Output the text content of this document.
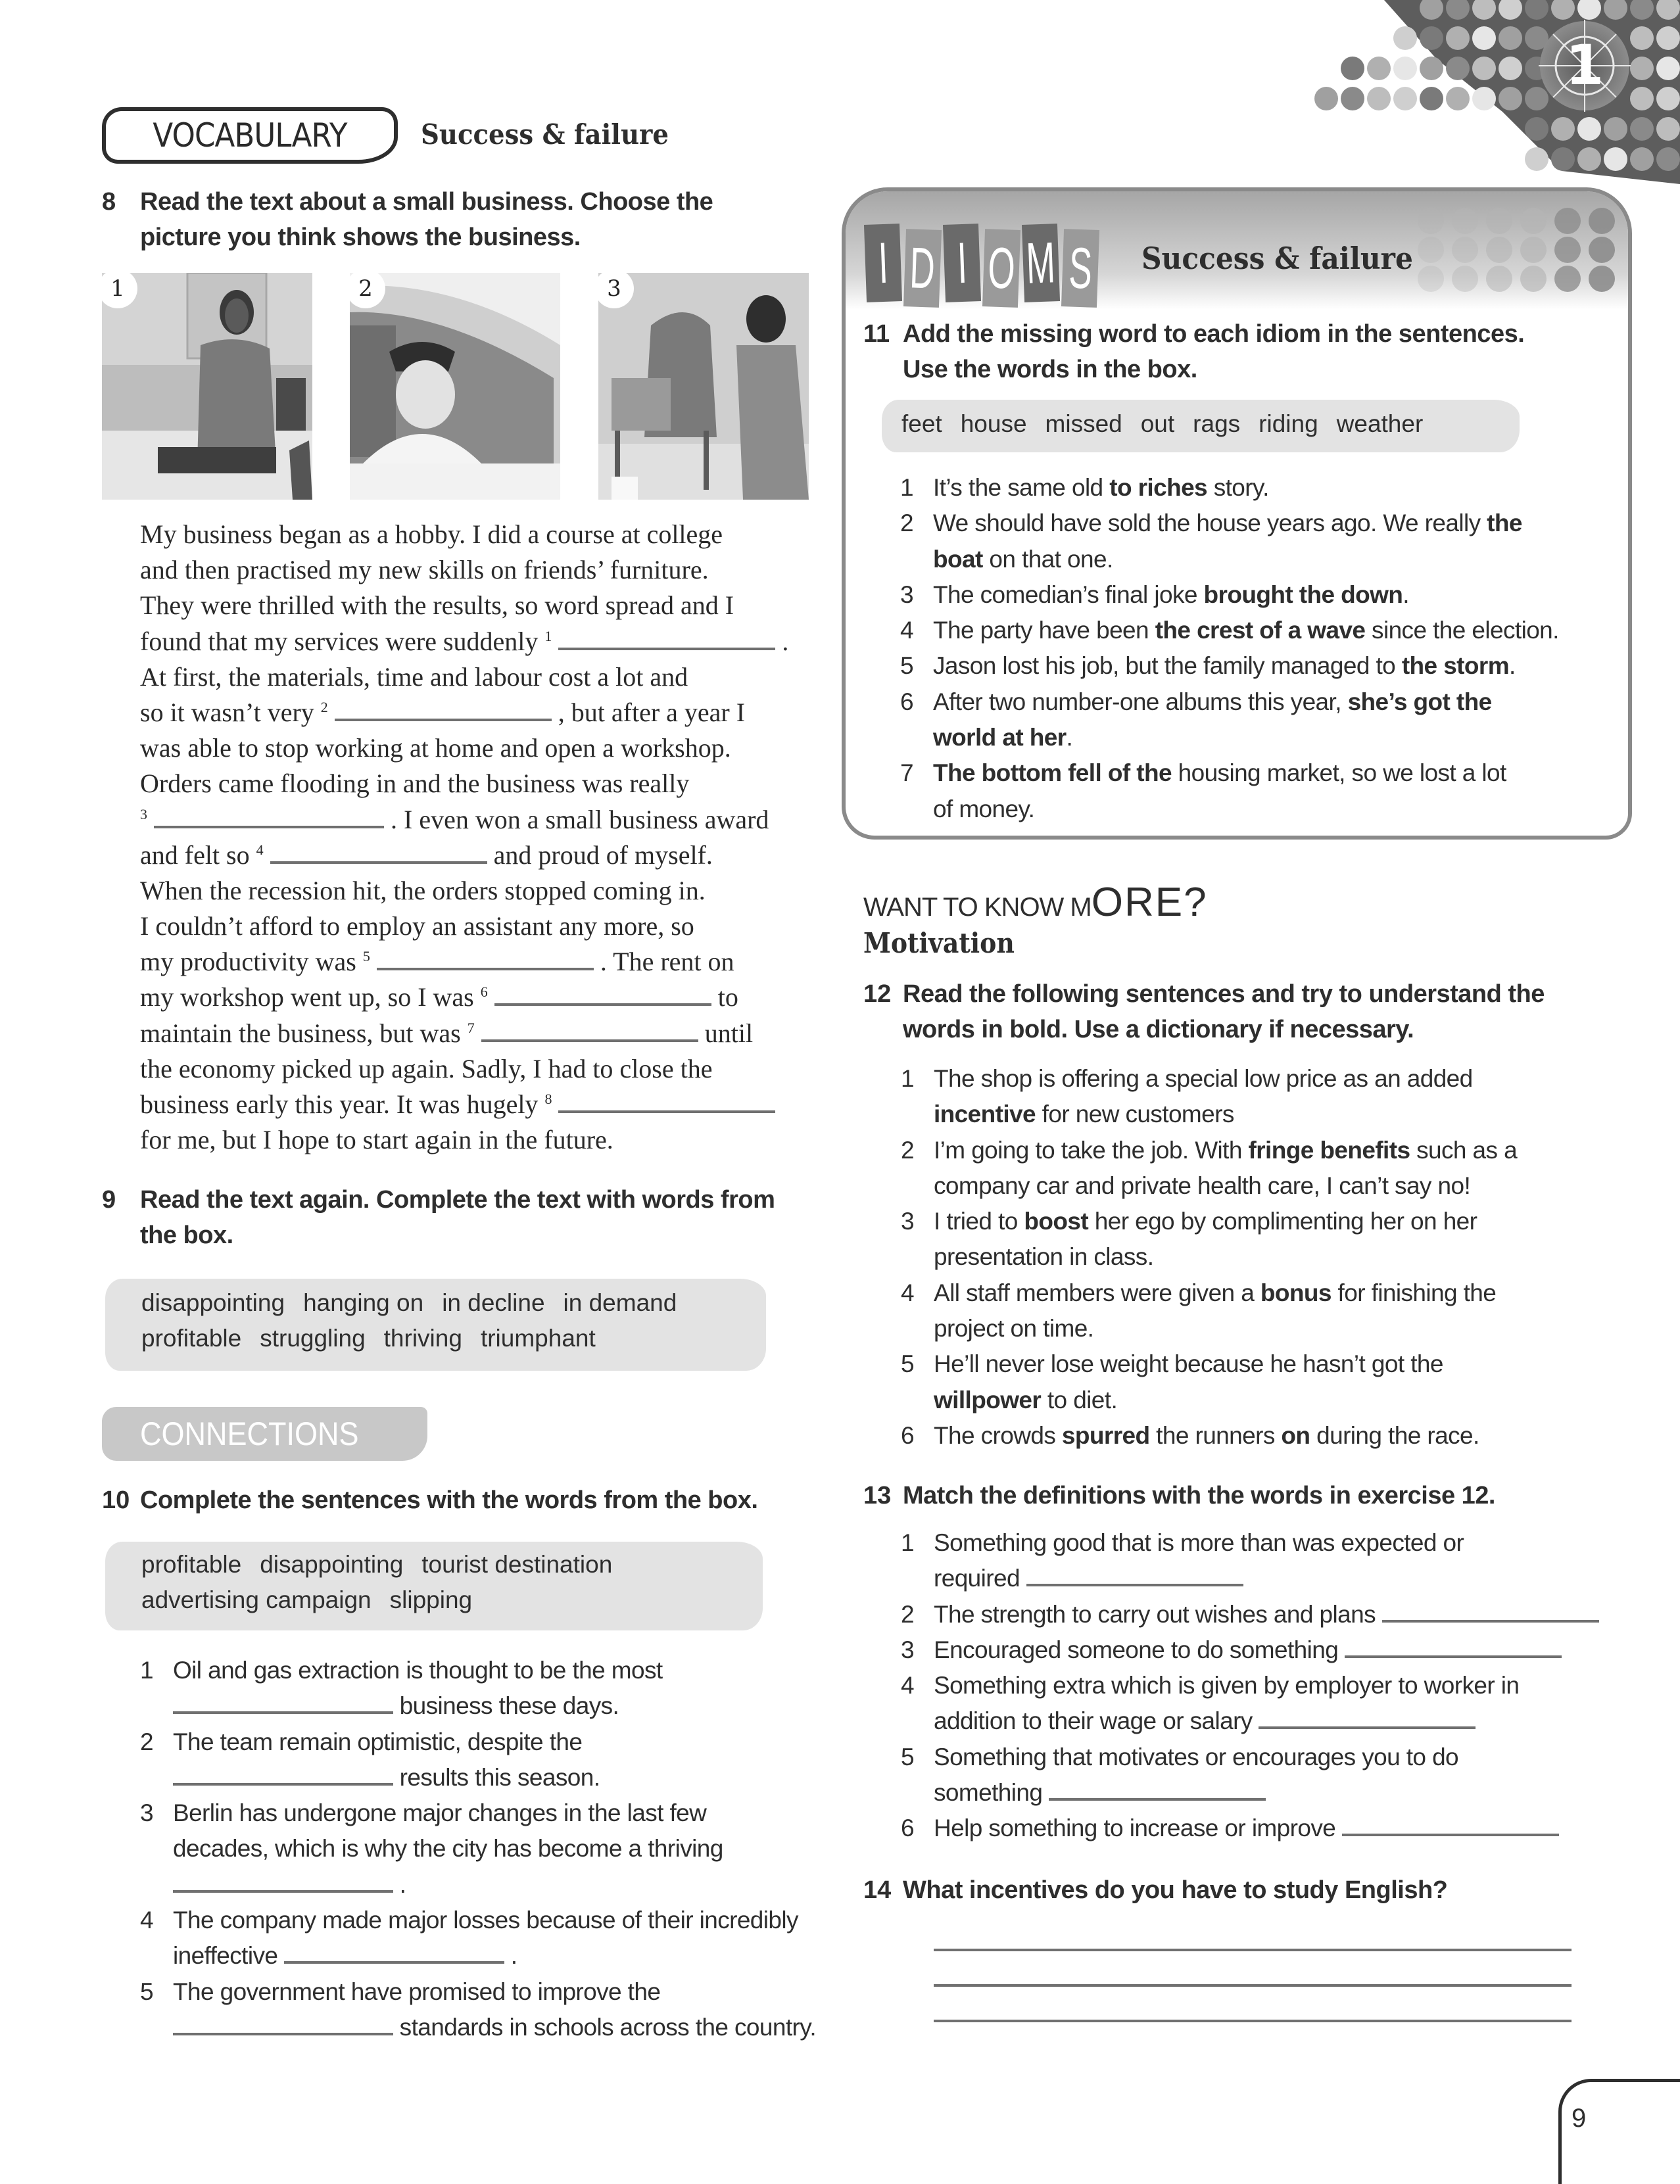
1
VOCABULARY	Success & failure
8 Read the text about a small business. Choose the
picture you think shows the business.
1	2	3

My business began as a hobby. I did a course at college

and then practised my new skills on friends’ furniture.

They were thrilled with the results, so word spread and I

found that my services were suddenly $^1$	.

At first, the materials, time and labour cost a lot and

so it wasn’t very $^2$	, but after a year I

was able to stop working at home and open a workshop.

Orders came flooding in and the business was really

$^3$	. I even won a small business award

and felt so $^4$	and proud of myself.

When the recession hit, the orders stopped coming in.

I couldn’t afford to employ an assistant any more, so

my productivity was $^5$	. The rent on

my workshop went up, so I was $^6$	to

maintain the business, but was $^7$	until

the economy picked up again. Sadly, I had to close the

business early this year. It was hugely $^8$

for me, but I hope to start again in the future.

9 Read the text again. Complete the text with words from
the box.
disappointing hanging on in decline in demand
profitable struggling thriving triumphant
CONNECTIONS
10 Complete the sentences with the words from the box.
profitable disappointing tourist destination
advertising campaign slipping
1 Oil and gas extraction is thought to be the most
business these days.
2 The team remain optimistic, despite the
results this season.
3 Berlin has undergone major changes in the last few
decades, which is why the city has become a thriving
.
4 The company made major losses because of their incredibly
ineffective	.
5 The government have promised to improve the
standards in schools across the country.
I D I O M S Success & failure
11 Add the missing word to each idiom in the sentences.
Use the words in the box.
feet house missed out rags riding weather
1 It’s the same old to riches story.
2 We should have sold the house years ago. We really the
boat on that one.
3 The comedian’s final joke brought the down.
4 The party have been the crest of a wave since the election.
5 Jason lost his job, but the family managed to the storm.
6 After two number-one albums this year, she’s got the
world at her.
7 The bottom fell of the housing market, so we lost a lot
of money.
WANT TO KNOW MORE?
Motivation
12 Read the following sentences and try to understand the
words in bold. Use a dictionary if necessary.
1 The shop is offering a special low price as an added
incentive for new customers
2 I’m going to take the job. With fringe benefits such as a
company car and private health care, I can’t say no!
3 I tried to boost her ego by complimenting her on her
presentation in class.
4 All staff members were given a bonus for finishing the
project on time.
5 He’ll never lose weight because he hasn’t got the
willpower to diet.
6 The crowds spurred the runners on during the race.
13 Match the definitions with the words in exercise 12.
1 Something good that is more than was expected or
required
2 The strength to carry out wishes and plans
3 Encouraged someone to do something
4 Something extra which is given by employer to worker in
addition to their wage or salary
5 Something that motivates or encourages you to do
something
6 Help something to increase or improve
14 What incentives do you have to study English?
9
